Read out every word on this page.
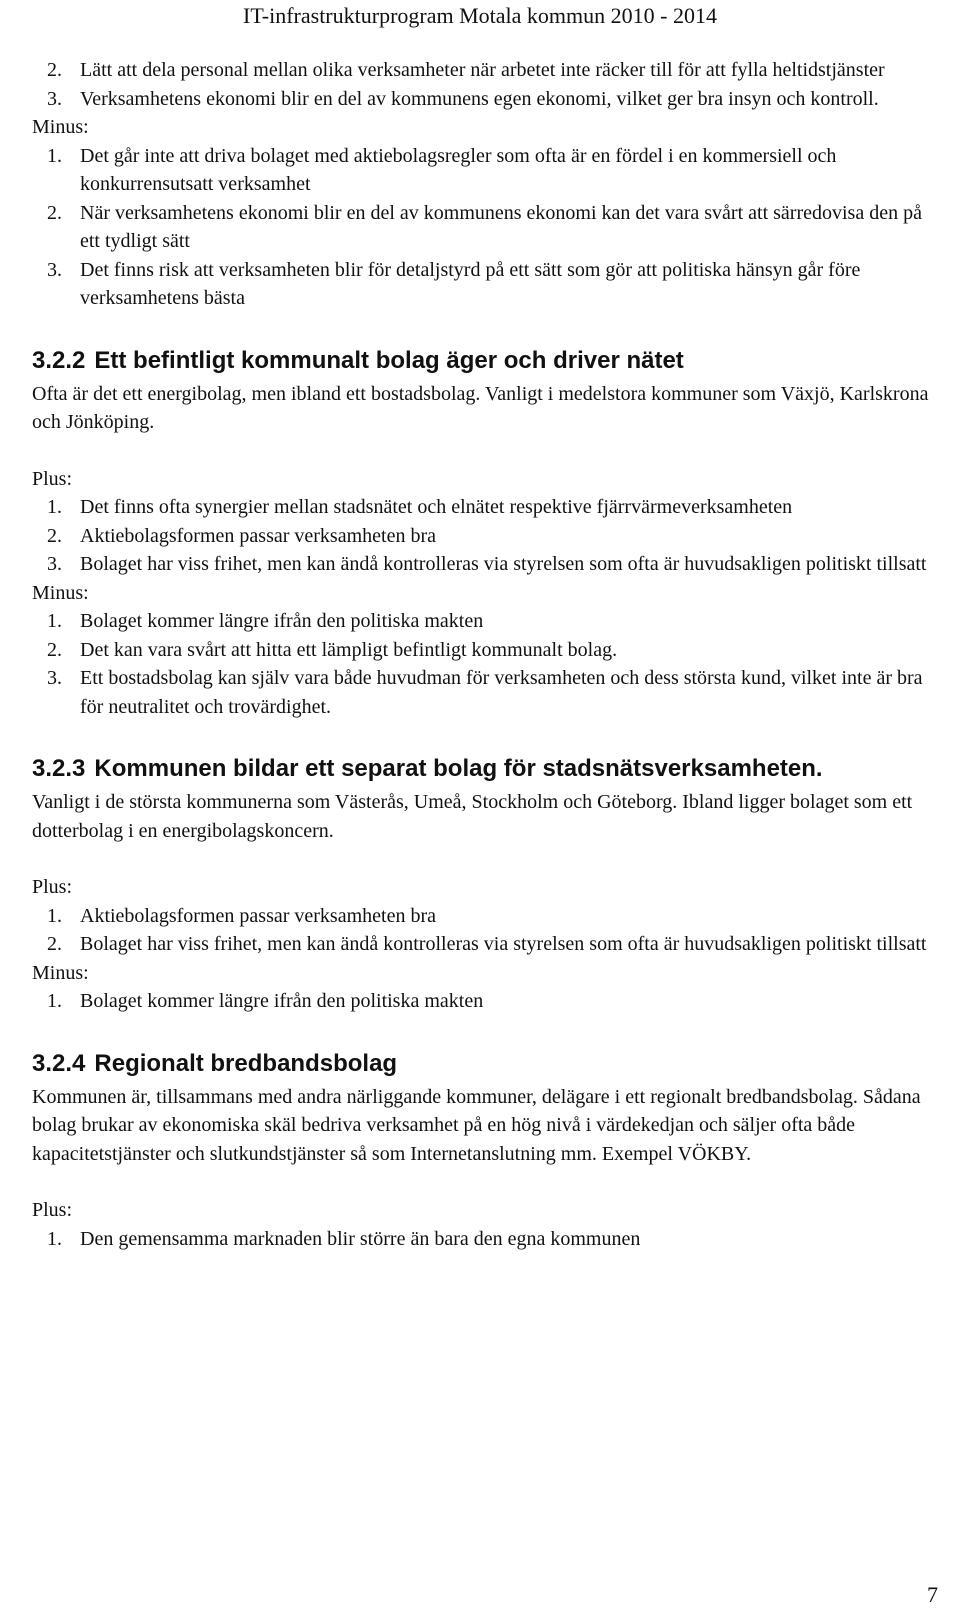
IT-infrastrukturprogram Motala kommun 2010 - 2014
2. Lätt att dela personal mellan olika verksamheter när arbetet inte räcker till för att fylla heltidstjänster
3. Verksamhetens ekonomi blir en del av kommunens egen ekonomi, vilket ger bra insyn och kontroll.
Minus:
1. Det går inte att driva bolaget med aktiebolagsregler som ofta är en fördel i en kommersiell och konkurrensutsatt verksamhet
2. När verksamhetens ekonomi blir en del av kommunens ekonomi kan det vara svårt att särredovisa den på ett tydligt sätt
3. Det finns risk att verksamheten blir för detaljstyrd på ett sätt som gör att politiska hänsyn går före verksamhetens bästa
3.2.2 Ett befintligt kommunalt bolag äger och driver nätet

Ofta är det ett energibolag, men ibland ett bostadsbolag. Vanligt i medelstora kommuner som Växjö, Karlskrona och Jönköping.

Plus:
1. Det finns ofta synergier mellan stadsnätet och elnätet respektive fjärrvärmeverksamheten
2. Aktiebolagsformen passar verksamheten bra
3. Bolaget har viss frihet, men kan ändå kontrolleras via styrelsen som ofta är huvudsakligen politiskt tillsatt
Minus:
1. Bolaget kommer längre ifrån den politiska makten
2. Det kan vara svårt att hitta ett lämpligt befintligt kommunalt bolag.
3. Ett bostadsbolag kan själv vara både huvudman för verksamheten och dess största kund, vilket inte är bra för neutralitet och trovärdighet.
3.2.3 Kommunen bildar ett separat bolag för stadsnätsverksamheten.

Vanligt i de största kommunerna som Västerås, Umeå, Stockholm och Göteborg. Ibland ligger bolaget som ett dotterbolag i en energibolagskoncern.

Plus:
1. Aktiebolagsformen passar verksamheten bra
2. Bolaget har viss frihet, men kan ändå kontrolleras via styrelsen som ofta är huvudsakligen politiskt tillsatt
Minus:
1. Bolaget kommer längre ifrån den politiska makten
3.2.4 Regionalt bredbandsbolag

Kommunen är, tillsammans med andra närliggande kommuner, delägare i ett regionalt bredbandsbolag. Sådana bolag brukar av ekonomiska skäl bedriva verksamhet på en hög nivå i värdekedjan och säljer ofta både kapacitetstjänster och slutkundstjänster så som Internetanslutning mm. Exempel VÖKBY.

Plus:
1. Den gemensamma marknaden blir större än bara den egna kommunen
7
